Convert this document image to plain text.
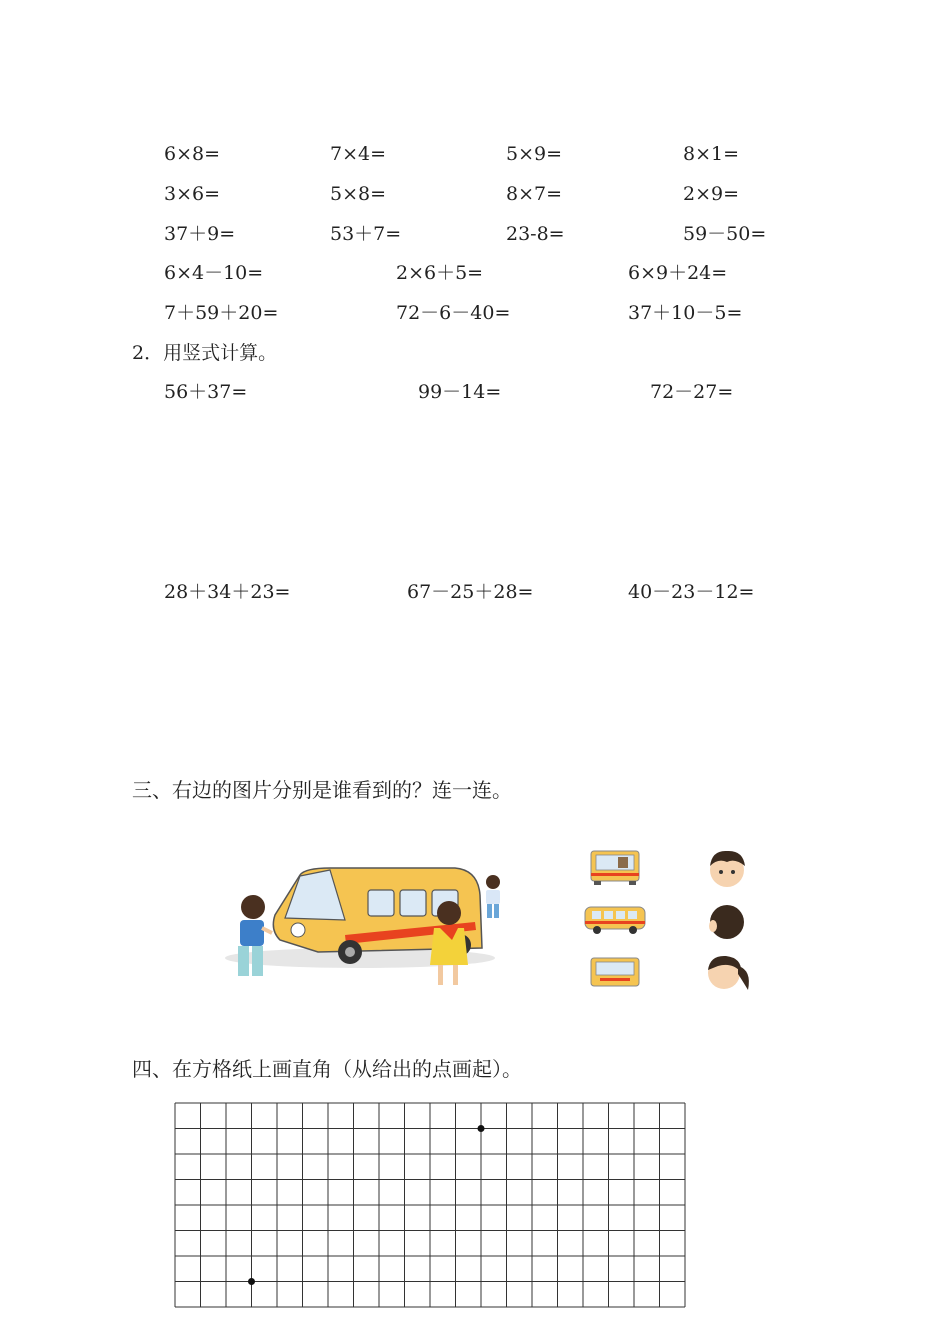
6×8=	7×4=	5×9=	8×1=
3×6=	5×8=	8×7=	2×9=
37＋9=	53＋7=	23-8=	59－50=
6×4－10=	2×6＋5=	6×9＋24=
7＋59＋20=	72－6－40=	37＋10－5=
2．用竖式计算。
56＋37=	99－14=	72－27=
28＋34＋23=	67－25＋28=	40－23－12=
三、右边的图片分别是谁看到的？连一连。
四、在方格纸上画直角（从给出的点画起）。
